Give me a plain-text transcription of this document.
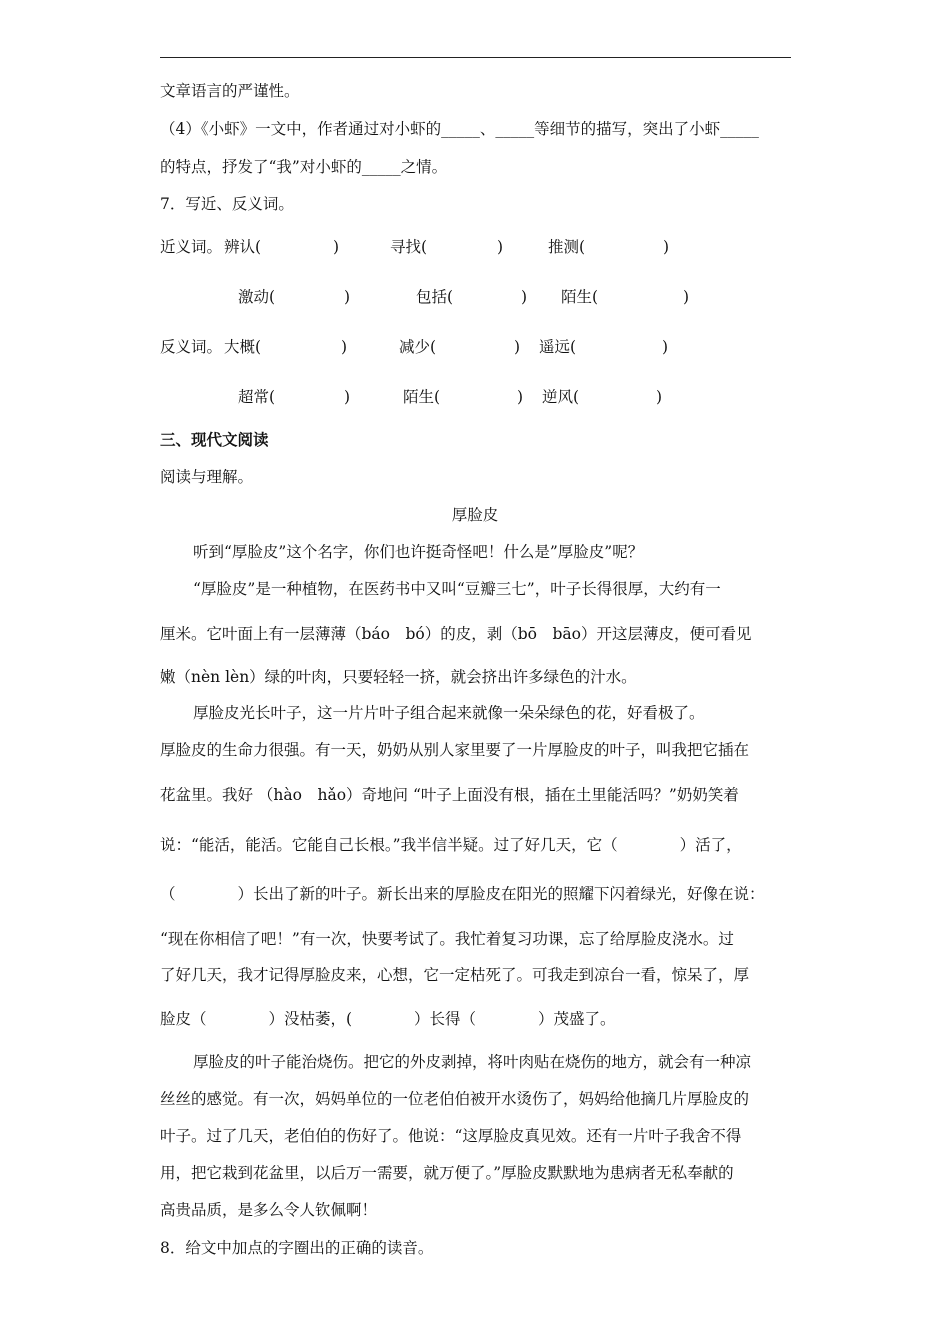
文章语言的严谨性。
（4）《小虾》一文中，作者通过对小虾的_____、_____等细节的描写，突出了小虾_____
的特点，抒发了“我”对小虾的_____之情。
7．写近、反义词。
近义词。 辨认(	)	寻找(	)	推测(	)
激动(	)	包括(	) 陌生(	)
反义词。 大概(	)	减少(	) 遥远(	)
超常(	)	陌生(	) 逆风(	)
三、现代文阅读
阅读与理解。
厚脸皮
听到“厚脸皮”这个名字，你们也许挺奇怪吧！什么是”厚脸皮”呢？
“厚脸皮”是一种植物，在医药书中又叫“豆瓣三七”，叶子长得很厚，大约有一
厘米。它叶面上有一层薄薄（báo　bó）的皮，剥（bō　bāo）开这层薄皮，便可看见
嫩（nèn lèn）绿的叶肉，只要轻轻一挤，就会挤出许多绿色的汁水。
厚脸皮光长叶子，这一片片叶子组合起来就像一朵朵绿色的花，好看极了。
厚脸皮的生命力很强。有一天，奶奶从别人家里要了一片厚脸皮的叶子，叫我把它插在
花盆里。我好 （hào　hǎo）奇地问 “叶子上面没有根，插在土里能活吗？”奶奶笑着
说：“能活，能活。它能自己长根。”我半信半疑。过了好几天，它（　　　　）活了，
（　　　　）长出了新的叶子。新长出来的厚脸皮在阳光的照耀下闪着绿光，好像在说：
“现在你相信了吧！”有一次，快要考试了。我忙着复习功课，忘了给厚脸皮浇水。过
了好几天，我才记得厚脸皮来，心想，它一定枯死了。可我走到凉台一看，惊呆了，厚
脸皮（　　　　）没枯萎，(　　　　）长得（　　　　）茂盛了。
厚脸皮的叶子能治烧伤。把它的外皮剥掉，将叶肉贴在烧伤的地方，就会有一种凉
丝丝的感觉。有一次，妈妈单位的一位老伯伯被开水烫伤了，妈妈给他摘几片厚脸皮的
叶子。过了几天，老伯伯的伤好了。他说：“这厚脸皮真见效。还有一片叶子我舍不得
用，把它栽到花盆里，以后万一需要，就万便了。”厚脸皮默默地为患病者无私奉献的
高贵品质，是多么令人钦佩啊！
8．给文中加点的字圈出的正确的读音。
